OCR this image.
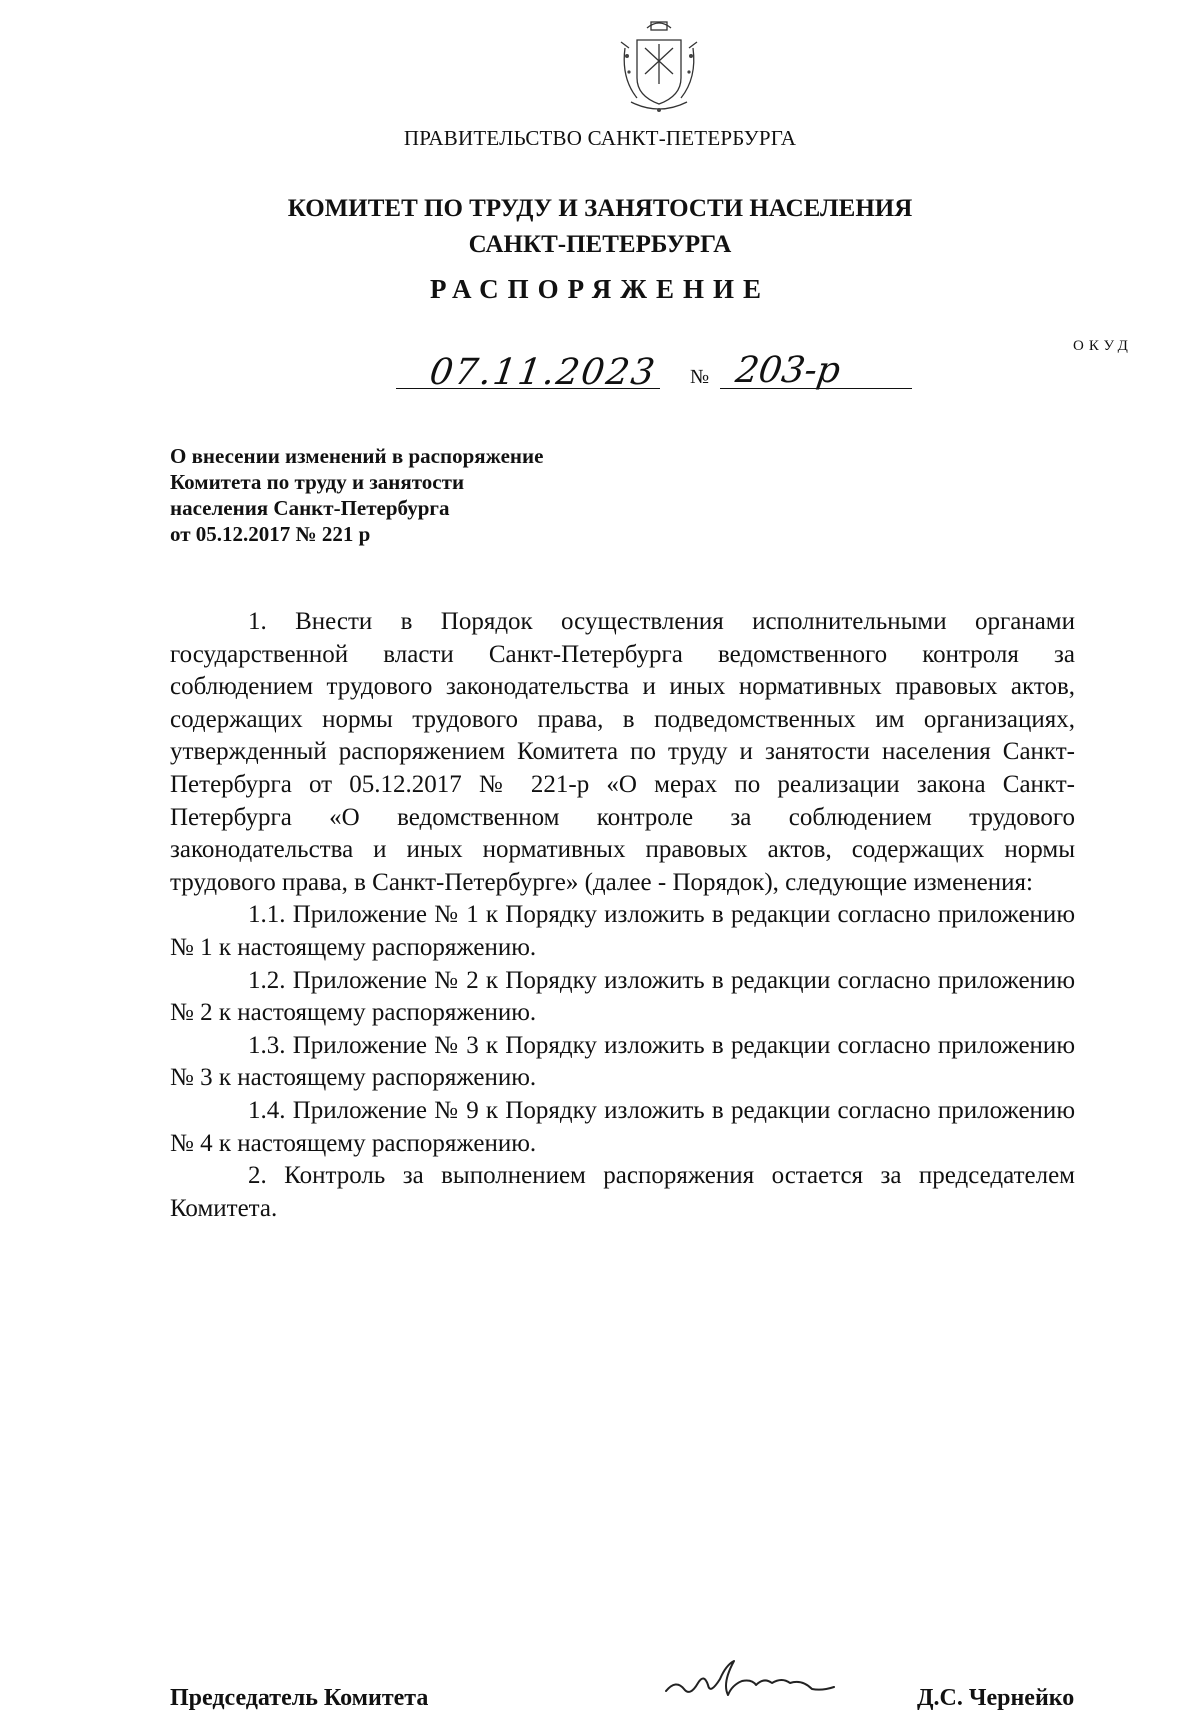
ПРАВИТЕЛЬСТВО САНКТ-ПЕТЕРБУРГА
КОМИТЕТ ПО ТРУДУ И ЗАНЯТОСТИ НАСЕЛЕНИЯ
САНКТ-ПЕТЕРБУРГА
РАСПОРЯЖЕНИЕ
ОКУД
07.11.2023 № 203-р
О внесении изменений в распоряжение
Комитета по труду и занятости
населения Санкт-Петербурга
от 05.12.2017 № 221 р

1. Внести в Порядок осуществления исполнительными органами государственной власти Санкт-Петербурга ведомственного контроля за соблюдением трудового законодательства и иных нормативных правовых актов, содержащих нормы трудового права, в подведомственных им организациях, утвержденный распоряжением Комитета по труду и занятости населения Санкт-Петербурга от 05.12.2017 № 221-р «О мерах по реализации закона Санкт-Петербурга «О ведомственном контроле за соблюдением трудового законодательства и иных нормативных правовых актов, содержащих нормы трудового права, в Санкт-Петербурге» (далее - Порядок), следующие изменения:

1.1. Приложение № 1 к Порядку изложить в редакции согласно приложению № 1 к настоящему распоряжению.

1.2. Приложение № 2 к Порядку изложить в редакции согласно приложению № 2 к настоящему распоряжению.

1.3. Приложение № 3 к Порядку изложить в редакции согласно приложению № 3 к настоящему распоряжению.

1.4. Приложение № 9 к Порядку изложить в редакции согласно приложению № 4 к настоящему распоряжению.

2. Контроль за выполнением распоряжения остается за председателем Комитета.

Председатель Комитета	Д.С. Чернейко
